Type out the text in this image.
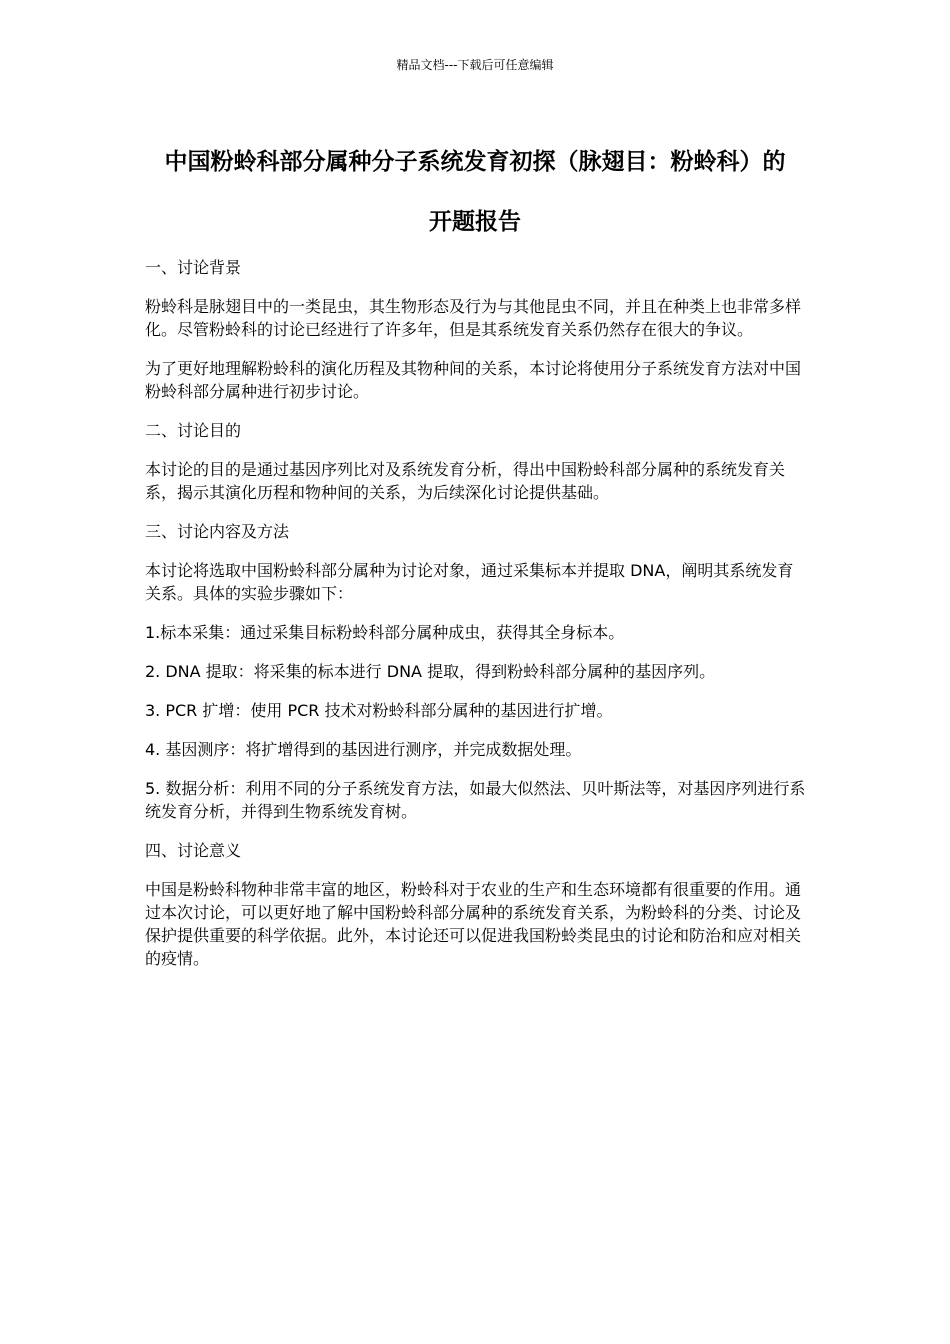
精品文档---下载后可任意编辑
中国粉蛉科部分属种分子系统发育初探（脉翅目：粉蛉科）的开题报告
一、讨论背景

粉蛉科是脉翅目中的一类昆虫，其生物形态及行为与其他昆虫不同，并且在种类上也非常多样化。尽管粉蛉科的讨论已经进行了许多年，但是其系统发育关系仍然存在很大的争议。

为了更好地理解粉蛉科的演化历程及其物种间的关系，本讨论将使用分子系统发育方法对中国粉蛉科部分属种进行初步讨论。

二、讨论目的

本讨论的目的是通过基因序列比对及系统发育分析，得出中国粉蛉科部分属种的系统发育关系，揭示其演化历程和物种间的关系，为后续深化讨论提供基础。

三、讨论内容及方法

本讨论将选取中国粉蛉科部分属种为讨论对象，通过采集标本并提取 DNA，阐明其系统发育关系。具体的实验步骤如下：

1.标本采集：通过采集目标粉蛉科部分属种成虫，获得其全身标本。

2. DNA 提取：将采集的标本进行 DNA 提取，得到粉蛉科部分属种的基因序列。

3. PCR 扩增：使用 PCR 技术对粉蛉科部分属种的基因进行扩增。

4. 基因测序：将扩增得到的基因进行测序，并完成数据处理。

5. 数据分析：利用不同的分子系统发育方法，如最大似然法、贝叶斯法等，对基因序列进行系统发育分析，并得到生物系统发育树。

四、讨论意义

中国是粉蛉科物种非常丰富的地区，粉蛉科对于农业的生产和生态环境都有很重要的作用。通过本次讨论，可以更好地了解中国粉蛉科部分属种的系统发育关系，为粉蛉科的分类、讨论及保护提供重要的科学依据。此外，本讨论还可以促进我国粉蛉类昆虫的讨论和防治和应对相关的疫情。
